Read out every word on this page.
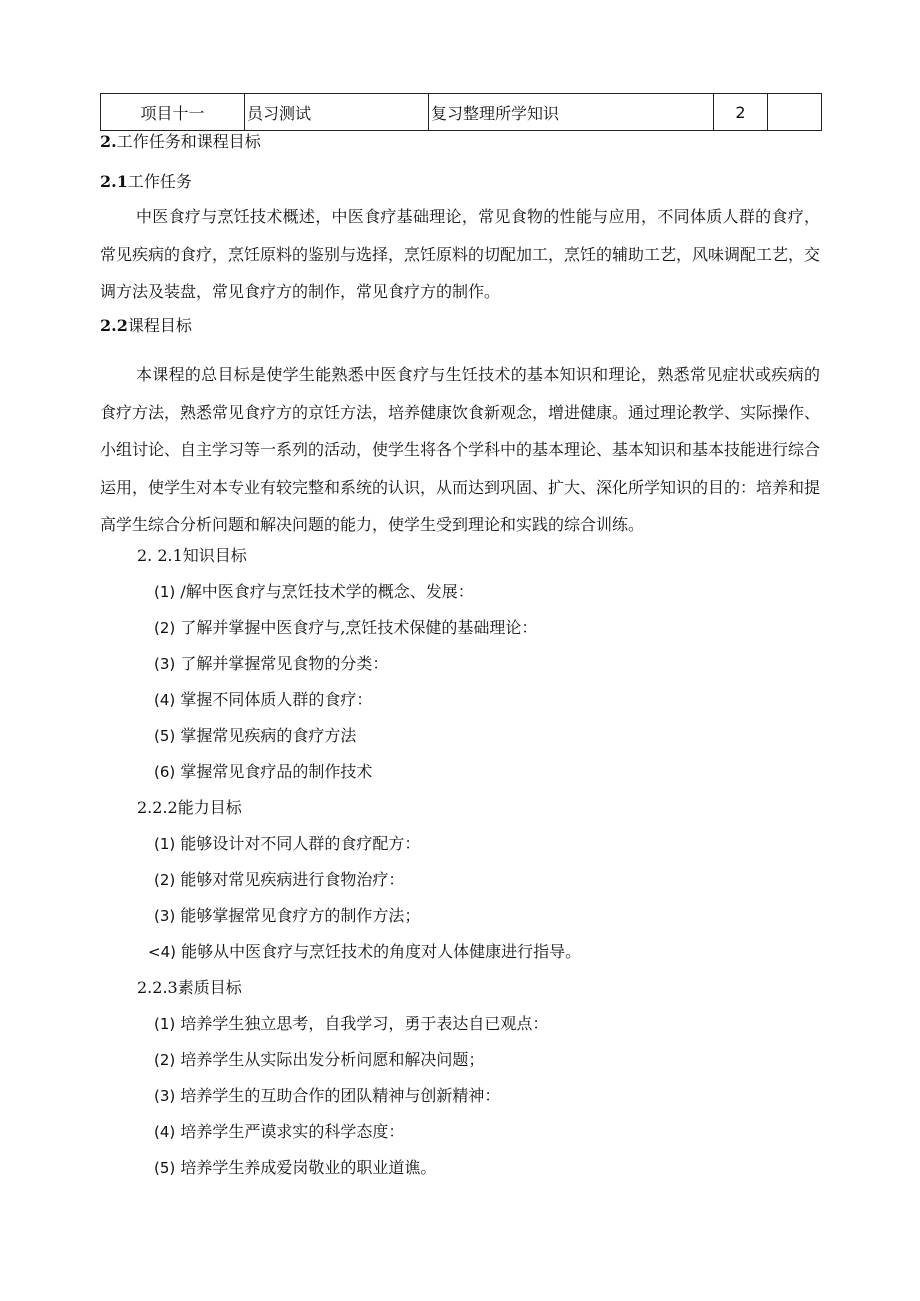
项目十一	员习测试	复习整理所学知识	2	
2.工作任务和课程目标
2.1工作任务
中医食疗与烹饪技术概述，中医食疗基础理论，常见食物的性能与应用，不同体质人群的食疗，常见疾病的食疗，烹饪原料的鉴别与选择，烹饪原料的切配加工，烹饪的辅助工艺，风味调配工艺，交调方法及装盘，常见食疗方的制作，常见食疗方的制作。
2.2课程目标
本课程的总目标是使学生能熟悉中医食疗与生饪技术的基本知识和理论，熟悉常见症状或疾病的食疗方法，熟悉常见食疗方的京饪方法，培养健康饮食新观念，增进健康。通过理论教学、实际操作、小组讨论、自主学习等一系列的活动，使学生将各个学科中的基本理论、基本知识和基本技能进行综合运用，使学生对本专业有较完整和系统的认识，从而达到巩固、扩大、深化所学知识的目的：培养和提高学生综合分析问题和解决问题的能力，使学生受到理论和实践的综合训练。
2. 2.1知识目标
(1) /解中医食疗与烹饪技术学的概念、发展：
(2) 了解并掌握中医食疗与,烹饪技术保健的基础理论：
(3) 了解并掌握常见食物的分类：
(4) 掌握不同体质人群的食疗：
(5) 掌握常见疾病的食疗方法
(6) 掌握常见食疗品的制作技术
2.2.2能力目标
(1) 能够设计对不同人群的食疗配方：
(2) 能够对常见疾病进行食物治疗：
(3) 能够掌握常见食疗方的制作方法；
<4) 能够从中医食疗与烹饪技术的角度对人体健康进行指导。
2.2.3素质目标
(1) 培养学生独立思考，自我学习，勇于表达自已观点：
(2) 培养学生从实际出发分析问愿和解决问题；
(3) 培养学生的互助合作的团队精神与创新精神：
(4) 培养学生严谟求实的科学态度：
(5) 培养学生养成爱岗敬业的职业道谯。
